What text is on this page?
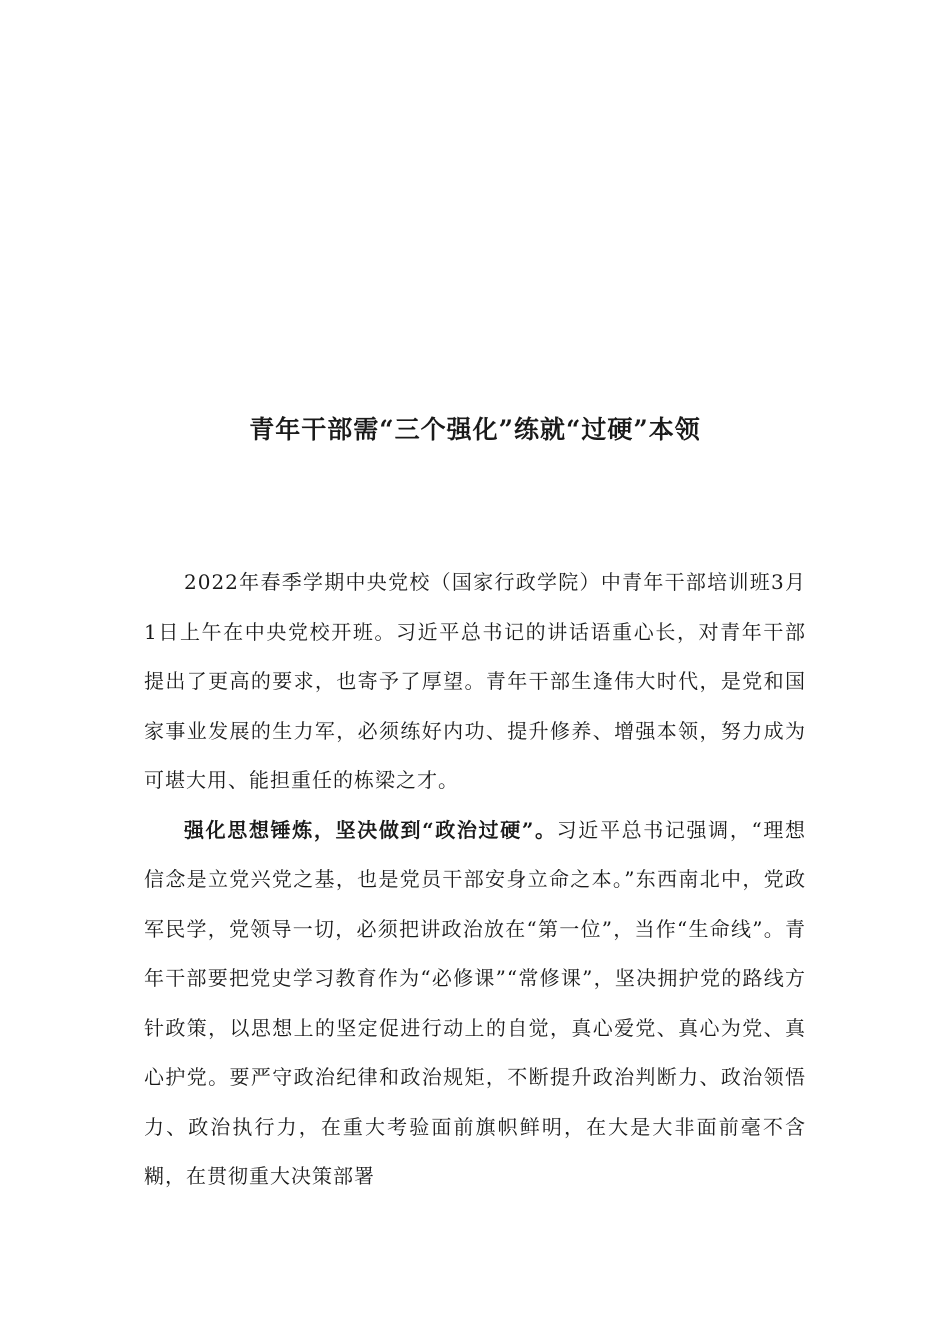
青年干部需“三个强化”练就“过硬”本领

2022年春季学期中央党校（国家行政学院）中青年干部培训班3月1日上午在中央党校开班。习近平总书记的讲话语重心长，对青年干部提出了更高的要求，也寄予了厚望。青年干部生逢伟大时代，是党和国家事业发展的生力军，必须练好内功、提升修养、增强本领，努力成为可堪大用、能担重任的栋梁之才。

强化思想锤炼，坚决做到“政治过硬”。习近平总书记强调，“理想信念是立党兴党之基，也是党员干部安身立命之本。”东西南北中，党政军民学，党领导一切，必须把讲政治放在“第一位”，当作“生命线”。青年干部要把党史学习教育作为“必修课”“常修课”，坚决拥护党的路线方针政策，以思想上的坚定促进行动上的自觉，真心爱党、真心为党、真心护党。要严守政治纪律和政治规矩，不断提升政治判断力、政治领悟力、政治执行力，在重大考验面前旗帜鲜明，在大是大非面前毫不含糊，在贯彻重大决策部署
